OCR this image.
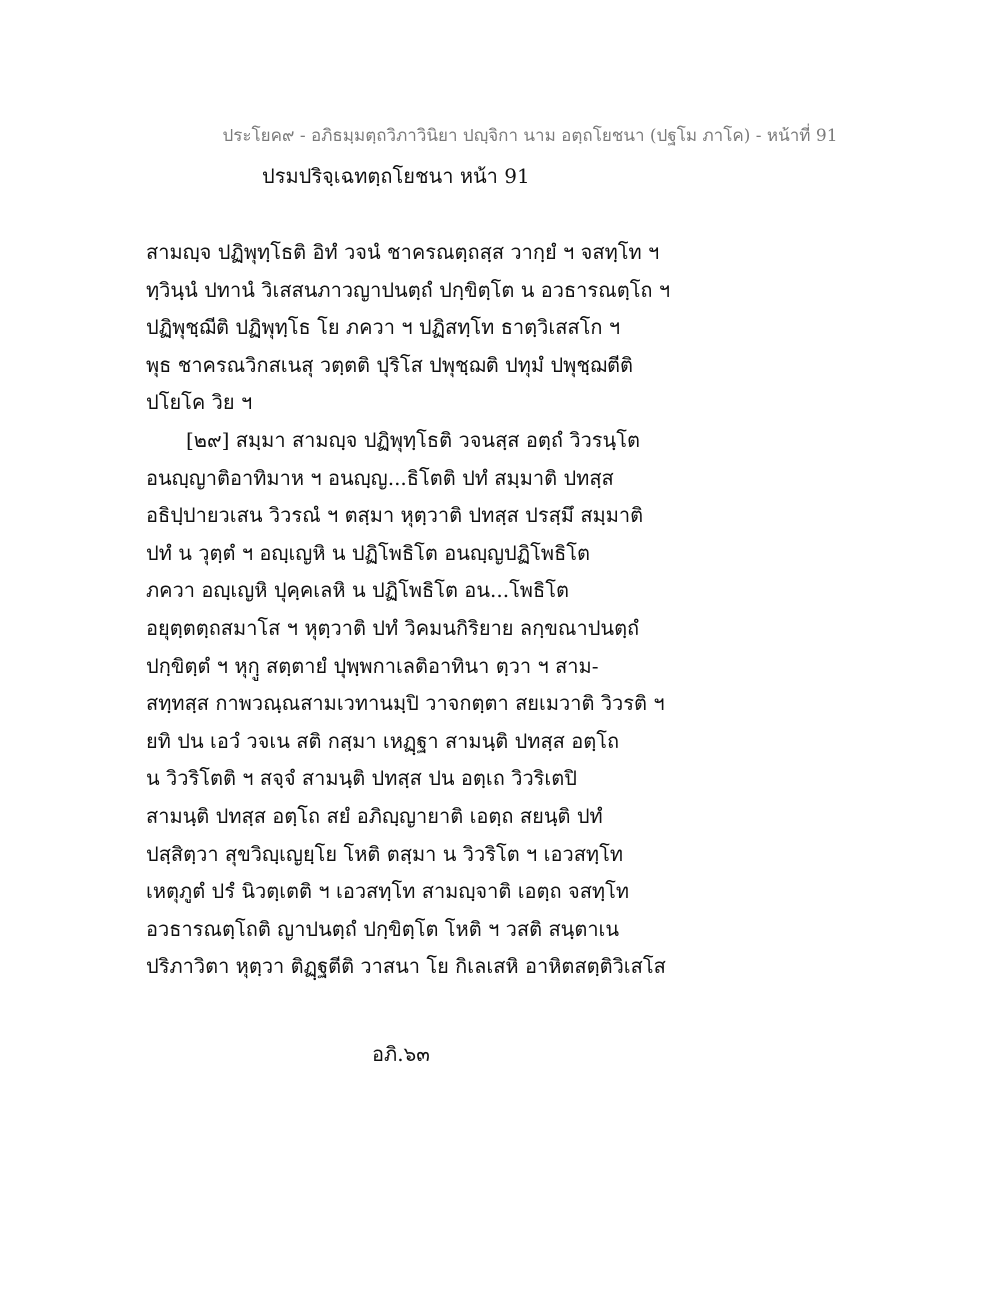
ประโยค๙ - อภิธมฺมตฺถวิภาวินิยา ปญฺจิกา นาม อตฺถโยชนา (ปฐโม ภาโค) - หน้าที่ 91
ปรมปริจฺเฉทตฺถโยชนา หน้า 91
สามญฺจ ปฏิพุทฺโธติ อิทํ วจนํ ชาครณตฺถสฺส วากฺยํ ฯ จสทฺโท ฯ
ทฺวินฺนํ ปทานํ วิเสสนภาวญาปนตฺถํ ปกฺขิตฺโต น อวธารณตฺโถ ฯ
ปฏิพุชฺฌีติ ปฏิพุทฺโธ โย ภควา ฯ ปฏิสทฺโท ธาตฺวิเสสโก ฯ
พุธ ชาครณวิกสเนสุ วตฺตติ ปุริโส ปพุชฺฌติ ปทุมํ ปพุชฺฌตีติ
ปโยโค วิย ฯ
[๒๙] สมฺมา สามญฺจ ปฏิพุทฺโธติ วจนสฺส อตฺถํ วิวรนฺโต
อนญฺญาติอาทิมาห ฯ อนญฺญ...ธิโตติ ปทํ สมฺมาติ ปทสฺส
อธิปฺปายวเสน วิวรณํ ฯ ตสฺมา หุตฺวาติ ปทสฺส ปรสฺมึ สมฺมาติ
ปทํ น วุตฺตํ ฯ อญฺเญหิ น ปฏิโพธิโต อนญฺญปฏิโพธิโต
ภควา อญฺเญหิ ปุคฺคเลหิ น ปฏิโพธิโต อน...โพธิโต
อยุตฺตตฺถสมาโส ฯ หุตฺวาติ ปทํ วิคมนกิริยาย ลกฺขณาปนตฺถํ
ปกฺขิตฺตํ ฯ หุกฺู สตฺตายํ ปุพฺพกาเลติอาทินา ตฺวา ฯ สาม-
สทฺทสฺส กาพวณฺณสามเวทานมฺปิ วาจกตฺตา สยเมวาติ วิวรติ ฯ
ยทิ ปน เอวํ วจเน สติ กสฺมา เหฏฺฐา สามนฺติ ปทสฺส อตฺโถ
น วิวริโตติ ฯ สจฺจํ สามนฺติ ปทสฺส ปน อตฺเถ วิวริเตปิ
สามนฺติ ปทสฺส อตฺโถ สยํ อภิญฺญายาติ เอตฺถ สยนฺติ ปทํ
ปสฺสิตฺวา สุขวิญฺเญยฺโย โหติ ตสฺมา น วิวริโต ฯ เอวสทฺโท
เหตุภูตํ ปรํ นิวตฺเตติ ฯ เอวสทฺโท สามญฺจาติ เอตฺถ จสทฺโท
อวธารณตฺโถติ ญาปนตฺถํ ปกฺขิตฺโต โหติ ฯ วสติ สนฺตาเน
ปริภาวิตา หุตฺวา ติฏฺฐตีติ วาสนา โย กิเลเสหิ อาหิตสตฺติวิเสโส
อภิ.๖๓
